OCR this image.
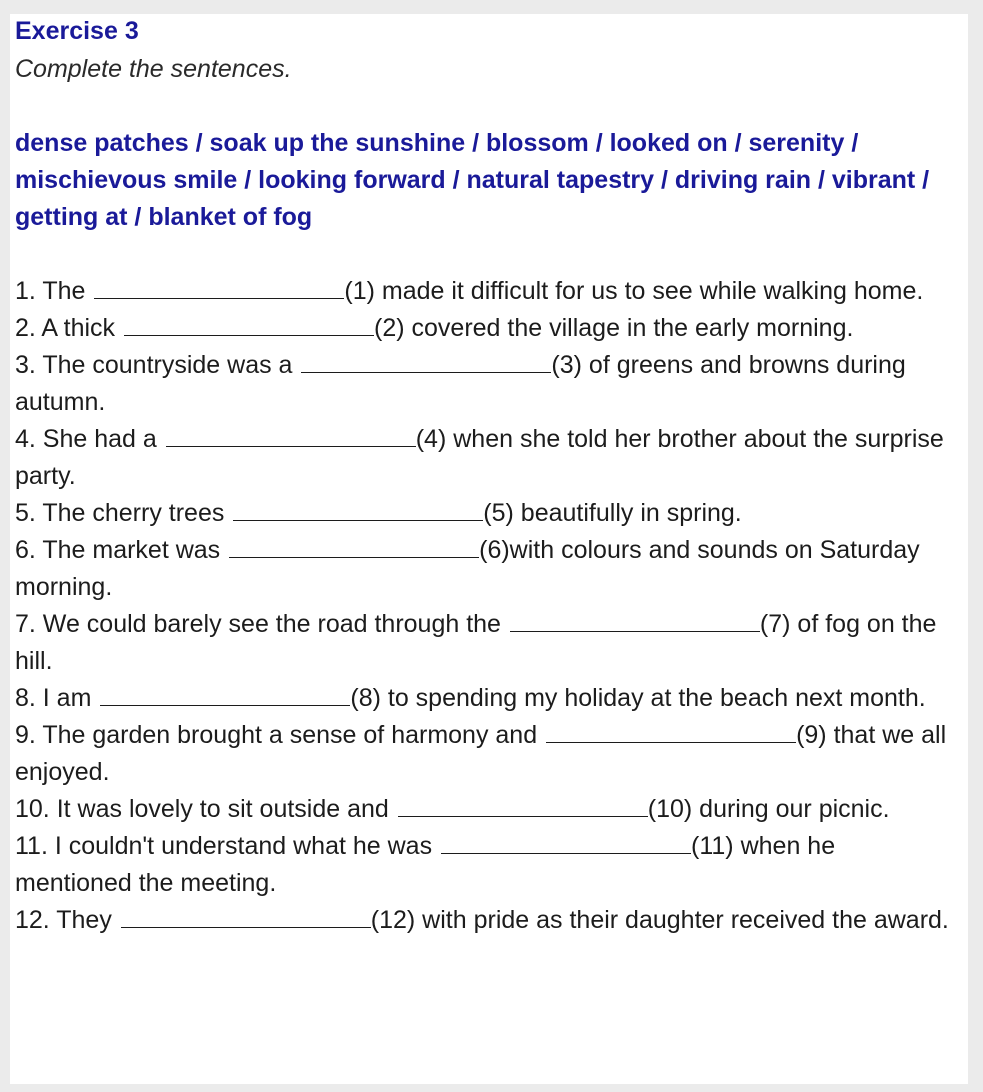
Exercise 3

Complete the sentences.

dense patches / soak up the sunshine / blossom / looked on / serenity / mischievous smile / looking forward / natural tapestry / driving rain / vibrant / getting at / blanket of fog

1. The	(1) made it difficult for us to see while walking home.
2. A thick	(2) covered the village in the early morning.
3. The countryside was a	(3) of greens and browns during autumn.
4. She had a	(4) when she told her brother about the surprise party.
5. The cherry trees	(5) beautifully in spring.
6. The market was	(6)with colours and sounds on Saturday morning.
7. We could barely see the road through the	(7) of fog on the hill.
8. I am	(8) to spending my holiday at the beach next month.
9. The garden brought a sense of harmony and	(9) that we all enjoyed.
10. It was lovely to sit outside and	(10) during our picnic.
11. I couldn't understand what he was	(11) when he mentioned the meeting.
12. They	(12) with pride as their daughter received the award.
